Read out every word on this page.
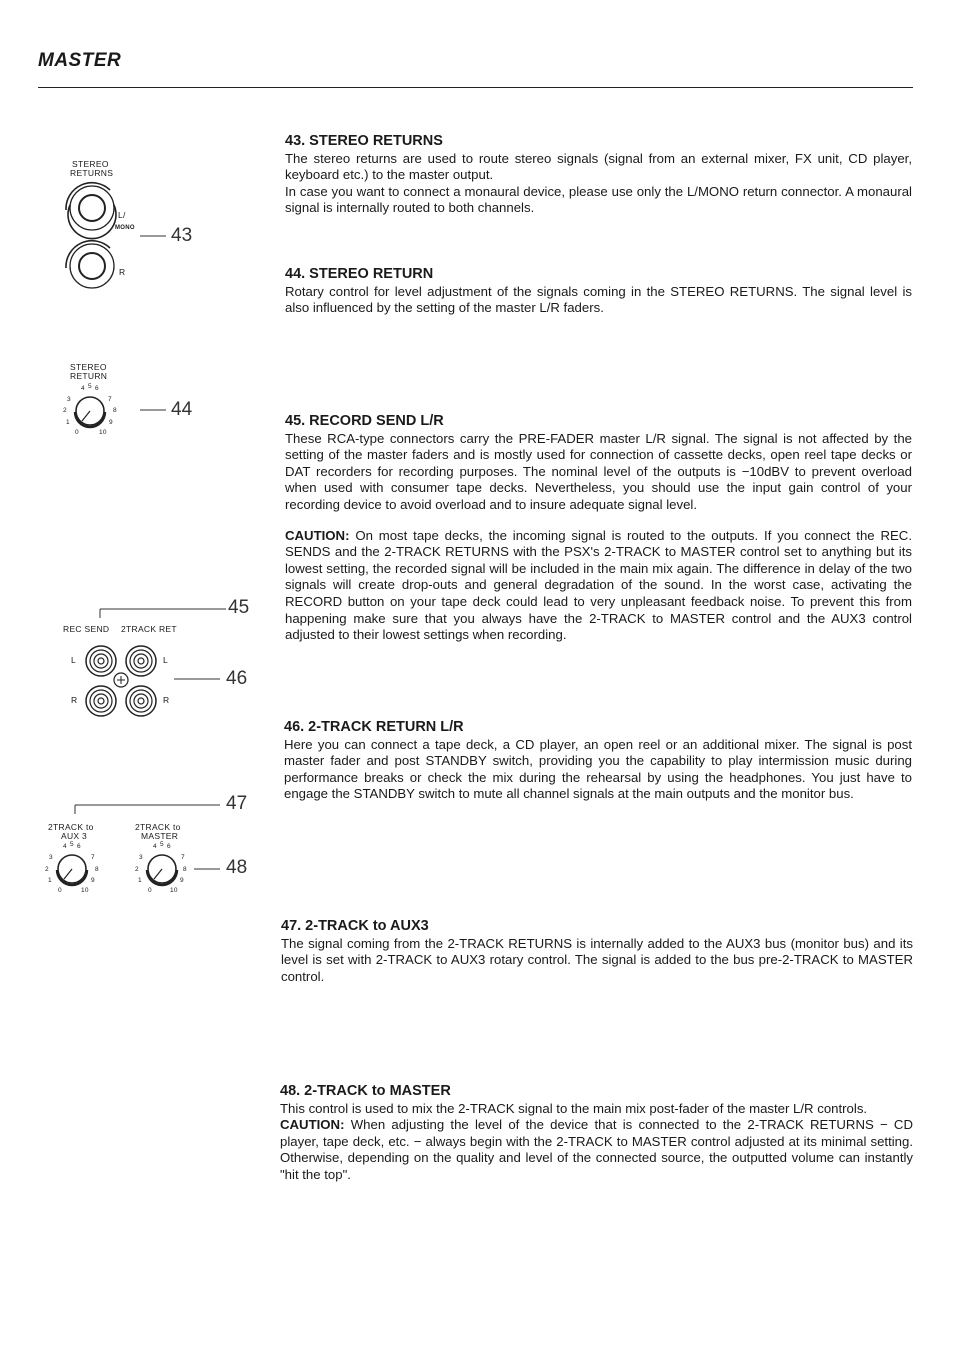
MASTER
STEREO
RETURNS
L/
MONO
R
43
STEREO
RETURN
4 5 6
3	7
2	8
1	9
0	10
44
45
REC SEND 2TRACK RET
L	L
R	R
46
47
2TRACK to
AUX 3
2TRACK to
MASTER
4 5 6
3	7
2	8
1	9
0	10
4 5 6
3	7
2	8
1	9
0	10
48
43. STEREO RETURNS

The stereo returns are used to route stereo signals (signal from an external mixer, FX unit, CD player, keyboard etc.) to the master output.

In case you want to connect a monaural device, please use only the L/MONO return connector. A monaural signal is internally routed to both channels.

44. STEREO RETURN

Rotary control for level adjustment of the signals coming in the STEREO RETURNS. The signal level is also influenced by the setting of the master L/R faders.

45. RECORD SEND L/R

These RCA-type connectors carry the PRE-FADER master L/R signal. The signal is not affected by the setting of the master faders and is mostly used for connection of cassette decks, open reel tape decks or DAT recorders for recording purposes. The nominal level of the outputs is −10dBV to prevent overload when used with consumer tape decks. Nevertheless, you should use the input gain control of your recording device to avoid overload and to insure adequate signal level.

CAUTION: On most tape decks, the incoming signal is routed to the outputs. If you connect the REC. SENDS and the 2-TRACK RETURNS with the PSX's 2-TRACK to MASTER control set to anything but its lowest setting, the recorded signal will be included in the main mix again. The difference in delay of the two signals will create drop-outs and general degradation of the sound. In the worst case, activating the RECORD button on your tape deck could lead to very unpleasant feedback noise. To prevent this from happening make sure that you always have the 2-TRACK to MASTER control and the AUX3 control adjusted to their lowest settings when recording.

46. 2-TRACK RETURN L/R

Here you can connect a tape deck, a CD player, an open reel or an additional mixer. The signal is post master fader and post STANDBY switch, providing you the capability to play intermission music during performance breaks or check the mix during the rehearsal by using the headphones. You just have to engage the STANDBY switch to mute all channel signals at the main outputs and the monitor bus.

47. 2-TRACK to AUX3

The signal coming from the 2-TRACK RETURNS is internally added to the AUX3 bus (monitor bus) and its level is set with 2-TRACK to AUX3 rotary control. The signal is added to the bus pre-2-TRACK to MASTER control.

48. 2-TRACK to MASTER

This control is used to mix the 2-TRACK signal to the main mix post-fader of the master L/R controls.

CAUTION: When adjusting the level of the device that is connected to the 2-TRACK RETURNS − CD player, tape deck, etc. − always begin with the 2-TRACK to MASTER control adjusted at its minimal setting. Otherwise, depending on the quality and level of the connected source, the outputted volume can instantly "hit the top".
